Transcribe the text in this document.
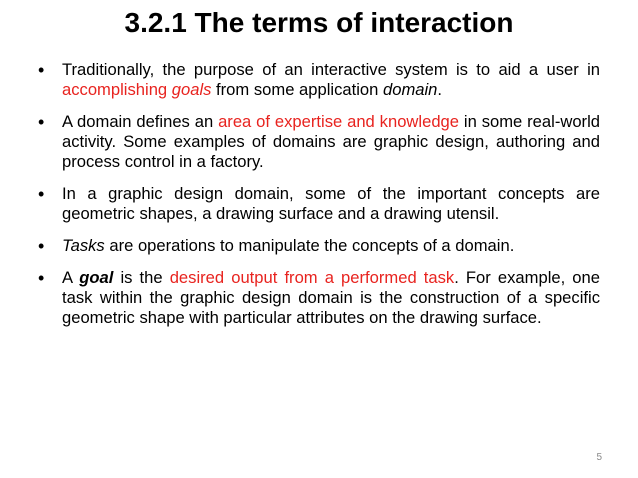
3.2.1 The terms of interaction
• Traditionally, the purpose of an interactive system is to aid a user in accomplishing goals from some application domain.
• A domain defines an area of expertise and knowledge in some real-world activity. Some examples of domains are graphic design, authoring and process control in a factory.
• In a graphic design domain, some of the important concepts are geometric shapes, a drawing surface and a drawing utensil.
• Tasks are operations to manipulate the concepts of a domain.
• A goal is the desired output from a performed task. For example, one task within the graphic design domain is the construction of a specific geometric shape with particular attributes on the drawing surface.
5
